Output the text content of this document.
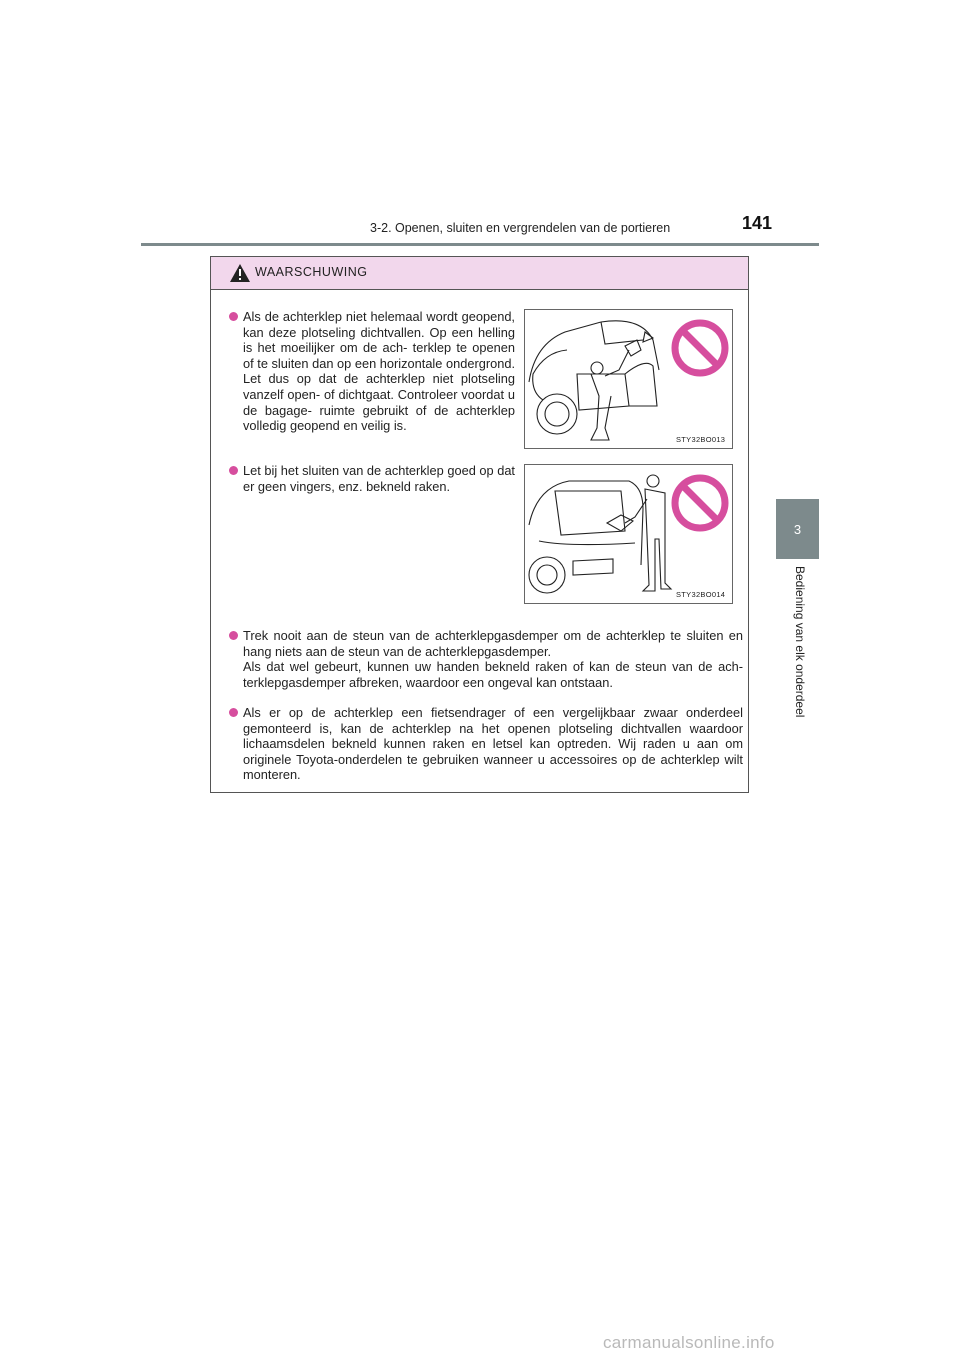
3-2. Openen, sluiten en vergrendelen van de portieren	141
3
Bediening van elk onderdeel
WAARSCHUWING
Als de achterklep niet helemaal wordt geopend, kan deze plotseling dichtvallen. Op een helling is het moeilijker om de ach- terklep te openen of te sluiten dan op een horizontale ondergrond. Let dus op dat de achterklep niet plotseling vanzelf open- of dichtgaat. Controleer voordat u de bagage- ruimte gebruikt of de achterklep volledig geopend en veilig is.
Let bij het sluiten van de achterklep goed op dat er geen vingers, enz. bekneld raken.
STY32BO013
STY32BO014
Trek nooit aan de steun van de achterklepgasdemper om de achterklep te sluiten en hang niets aan de steun van de achterklepgasdemper.
Als dat wel gebeurt, kunnen uw handen bekneld raken of kan de steun van de ach- terklepgasdemper afbreken, waardoor een ongeval kan ontstaan.
Als er op de achterklep een fietsendrager of een vergelijkbaar zwaar onderdeel gemonteerd is, kan de achterklep na het openen plotseling dichtvallen waardoor lichaamsdelen bekneld kunnen raken en letsel kan optreden. Wij raden u aan om originele Toyota-onderdelen te gebruiken wanneer u accessoires op de achterklep wilt monteren.
carmanualsonline.info
